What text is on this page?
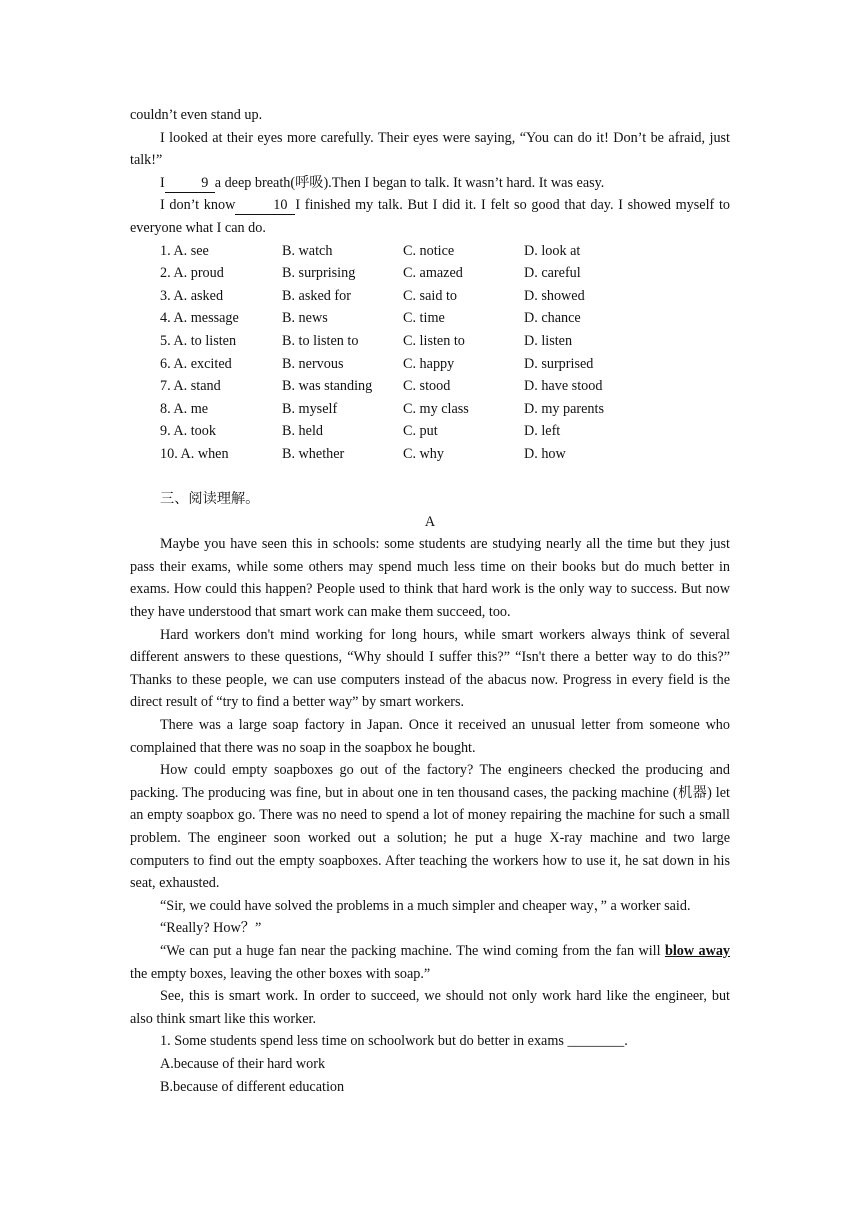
couldn’t even stand up.

I looked at their eyes more carefully. Their eyes were saying, “You can do it! Don’t be afraid, just talk!”

I	9 a deep breath(呼吸).Then I began to talk. It wasn’t hard. It was easy.

I don’t know	10 I finished my talk. But I did it. I felt so good that day. I showed myself to everyone what I can do.

1. A. see	B. watch	C. notice	D. look at
2. A. proud	B. surprising	C. amazed	D. careful
3. A. asked	B. asked for	C. said to	D. showed
4. A. message	B. news	C. time	D. chance
5. A. to listen	B. to listen to	C. listen to	D. listen
6. A. excited	B. nervous	C. happy	D. surprised
7. A. stand	B. was standing	C. stood	D. have stood
8. A. me	B. myself	C. my class	D. my parents
9. A. took	B. held	C. put	D. left
10. A. when	B. whether	C. why	D. how

三、阅读理解。

A

Maybe you have seen this in schools: some students are studying nearly all the time but they just pass their exams, while some others may spend much less time on their books but do much better in exams. How could this happen? People used to think that hard work is the only way to success. But now they have understood that smart work can make them succeed, too.

Hard workers don't mind working for long hours, while smart workers always think of several different answers to these questions, “Why should I suffer this?” “Isn't there a better way to do this?” Thanks to these people, we can use computers instead of the abacus now. Progress in every field is the direct result of “try to find a better way” by smart workers.

There was a large soap factory in Japan. Once it received an unusual letter from someone who complained that there was no soap in the soapbox he bought.

How could empty soapboxes go out of the factory? The engineers checked the producing and packing. The producing was fine, but in about one in ten thousand cases, the packing machine (机器) let an empty soapbox go. There was no need to spend a lot of money repairing the machine for such a small problem. The engineer soon worked out a solution; he put a huge X-ray machine and two large computers to find out the empty soapboxes. After teaching the workers how to use it, he sat down in his seat, exhausted.

“Sir, we could have solved the problems in a much simpler and cheaper way，” a worker said.

“Really? How？”

“We can put a huge fan near the packing machine. The wind coming from the fan will blow away the empty boxes, leaving the other boxes with soap.”

See, this is smart work. In order to succeed, we should not only work hard like the engineer, but also think smart like this worker.

1. Some students spend less time on schoolwork but do better in exams ________.

A.because of their hard work

B.because of different education
